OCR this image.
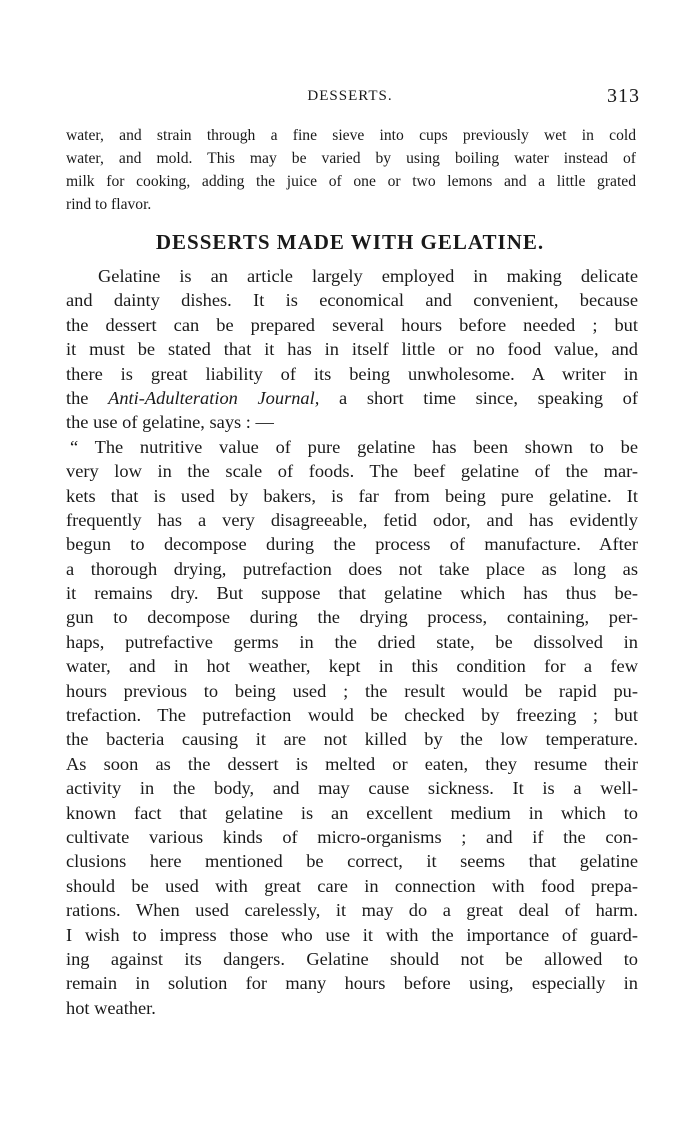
DESSERTS.	313
water, and strain through a fine sieve into cups previously wet in cold
water, and mold. This may be varied by using boiling water instead of
milk for cooking, adding the juice of one or two lemons and a little grated
rind to flavor.
DESSERTS MADE WITH GELATINE.
Gelatine is an article largely employed in making delicate
and dainty dishes. It is economical and convenient, because
the dessert can be prepared several hours before needed ; but
it must be stated that it has in itself little or no food value, and
there is great liability of its being unwholesome. A writer in
the Anti-Adulteration Journal, a short time since, speaking of
the use of gelatine, says : —
“ The nutritive value of pure gelatine has been shown to be
very low in the scale of foods. The beef gelatine of the mar-
kets that is used by bakers, is far from being pure gelatine. It
frequently has a very disagreeable, fetid odor, and has evidently
begun to decompose during the process of manufacture. After
a thorough drying, putrefaction does not take place as long as
it remains dry. But suppose that gelatine which has thus be-
gun to decompose during the drying process, containing, per-
haps, putrefactive germs in the dried state, be dissolved in
water, and in hot weather, kept in this condition for a few
hours previous to being used ; the result would be rapid pu-
trefaction. The putrefaction would be checked by freezing ; but
the bacteria causing it are not killed by the low temperature.
As soon as the dessert is melted or eaten, they resume their
activity in the body, and may cause sickness. It is a well-
known fact that gelatine is an excellent medium in which to
cultivate various kinds of micro-organisms ; and if the con-
clusions here mentioned be correct, it seems that gelatine
should be used with great care in connection with food prepa-
rations. When used carelessly, it may do a great deal of harm.
I wish to impress those who use it with the importance of guard-
ing against its dangers. Gelatine should not be allowed to
remain in solution for many hours before using, especially in
hot weather.
